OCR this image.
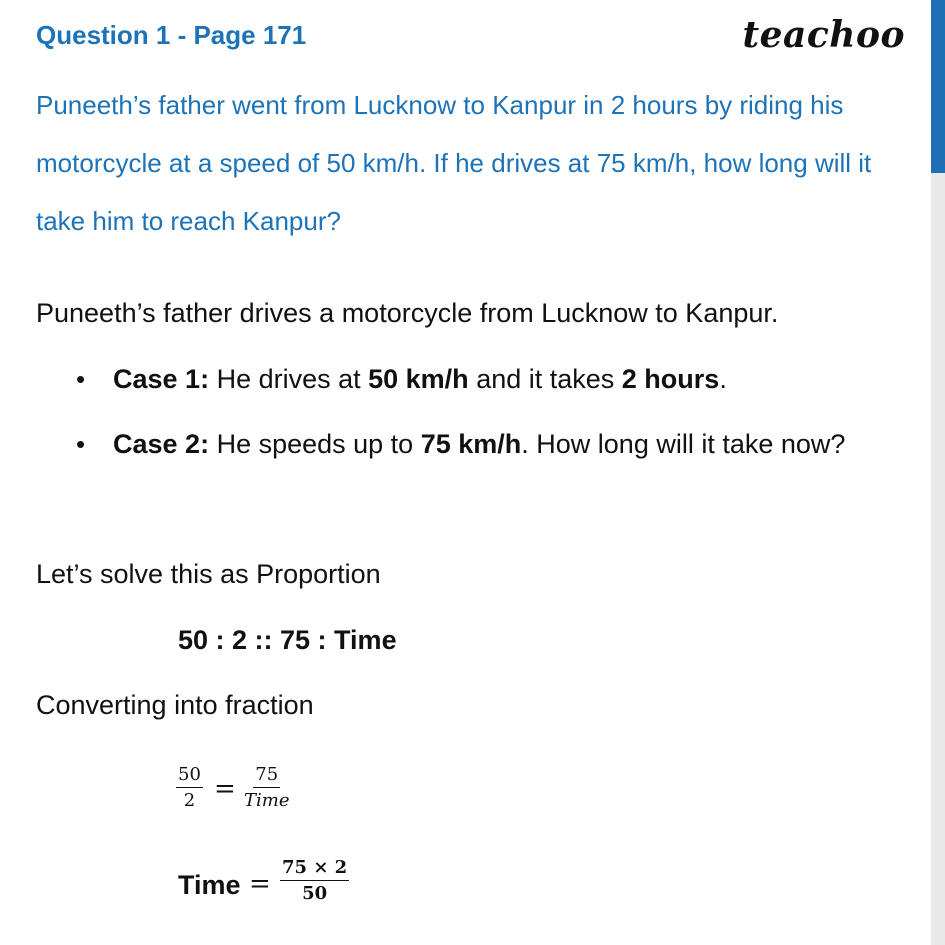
Question 1 - Page 171	teachoo
Puneeth’s father went from Lucknow to Kanpur in 2 hours by riding his motorcycle at a speed of 50 km/h. If he drives at 75 km/h, how long will it take him to reach Kanpur?
Puneeth’s father drives a motorcycle from Lucknow to Kanpur.
• Case 1: He drives at 50 km/h and it takes 2 hours.
• Case 2: He speeds up to 75 km/h. How long will it take now?
Let’s solve this as Proportion
50 : 2 :: 75 : Time
Converting into fraction
$\frac{50}{2} = 75$
Time
Time = $\frac{75 \times 2}{50}$
